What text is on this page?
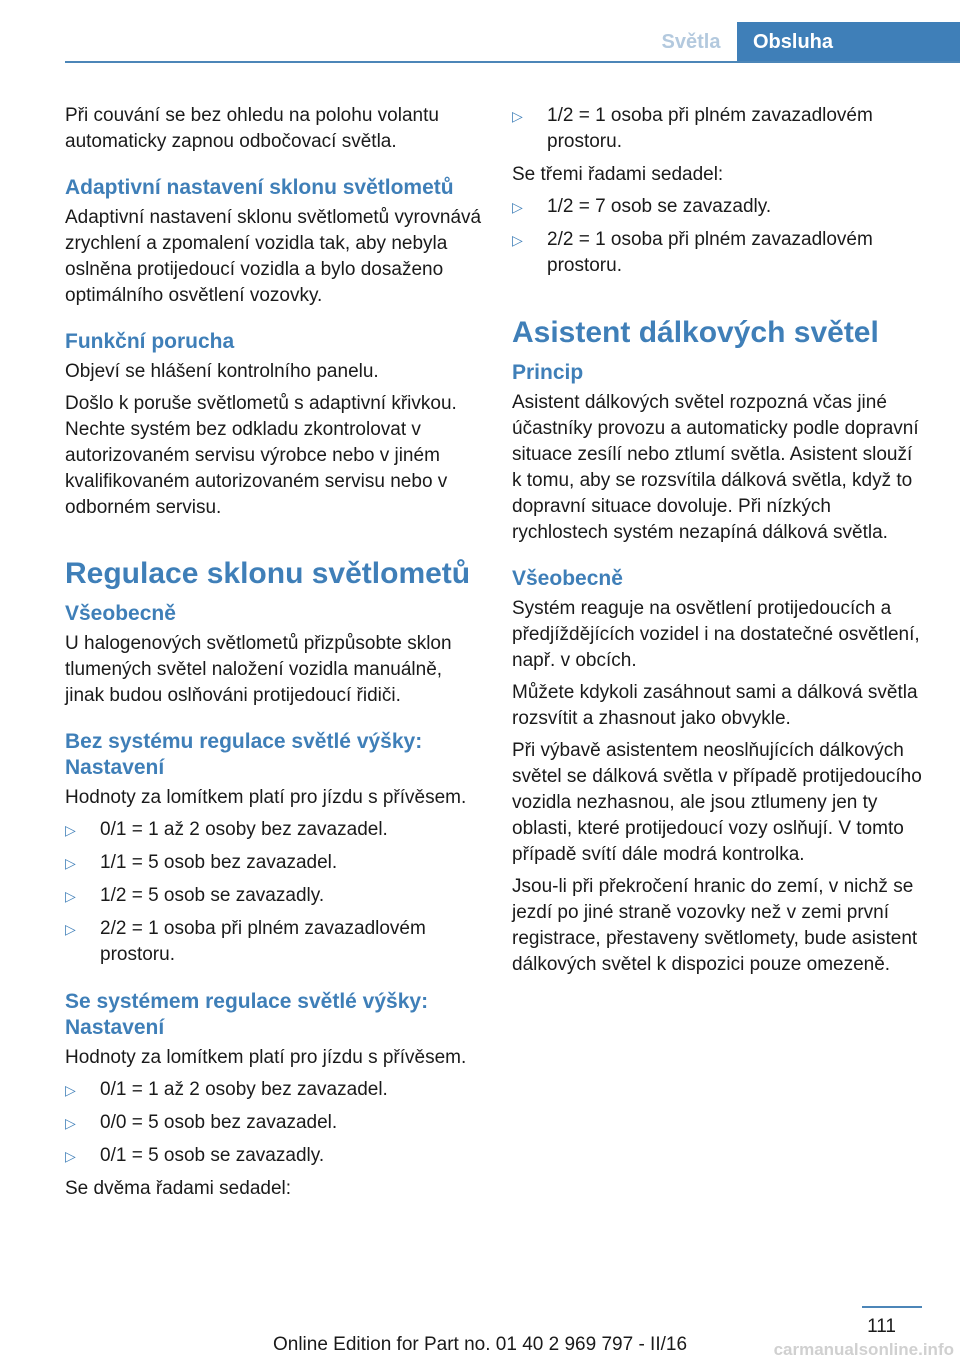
Světla	Obsluha

Při couvání se bez ohledu na polohu volantu automaticky zapnou odbočovací světla.

Adaptivní nastavení sklonu světlometů

Adaptivní nastavení sklonu světlometů vyrovnává zrychlení a zpomalení vozidla tak, aby nebyla oslněna protijedoucí vozidla a bylo dosaženo optimálního osvětlení vozovky.

Funkční porucha

Objeví se hlášení kontrolního panelu.

Došlo k poruše světlometů s adaptivní křivkou. Nechte systém bez odkladu zkontrolovat v autorizovaném servisu výrobce nebo v jiném kvalifikovaném autorizovaném servisu nebo v odborném servisu.

Regulace sklonu světlometů
Všeobecně

U halogenových světlometů přizpůsobte sklon tlumených světel naložení vozidla manuálně, jinak budou oslňováni protijedoucí řidiči.

Bez systému regulace světlé výšky: Nastavení

Hodnoty za lomítkem platí pro jízdu s přívěsem.

▷ 0/1 = 1 až 2 osoby bez zavazadel.
▷ 1/1 = 5 osob bez zavazadel.
▷ 1/2 = 5 osob se zavazadly.
▷ 2/2 = 1 osoba při plném zavazadlovém prostoru.
Se systémem regulace světlé výšky: Nastavení

Hodnoty za lomítkem platí pro jízdu s přívěsem.

▷ 0/1 = 1 až 2 osoby bez zavazadel.
▷ 0/0 = 5 osob bez zavazadel.
▷ 0/1 = 5 osob se zavazadly.

Se dvěma řadami sedadel:

▷ 1/2 = 1 osoba při plném zavazadlovém prostoru.

Se třemi řadami sedadel:

▷ 1/2 = 7 osob se zavazadly.
▷ 2/2 = 1 osoba při plném zavazadlovém prostoru.
Asistent dálkových světel
Princip

Asistent dálkových světel rozpozná včas jiné účastníky provozu a automaticky podle dopravní situace zesílí nebo ztlumí světla. Asistent slouží k tomu, aby se rozsvítila dálková světla, když to dopravní situace dovoluje. Při nízkých rychlostech systém nezapíná dálková světla.

Všeobecně

Systém reaguje na osvětlení protijedoucích a předjíždějících vozidel i na dostatečné osvětlení, např. v obcích.

Můžete kdykoli zasáhnout sami a dálková světla rozsvítit a zhasnout jako obvykle.

Při výbavě asistentem neoslňujících dálkových světel se dálková světla v případě protijedoucího vozidla nezhasnou, ale jsou ztlumeny jen ty oblasti, které protijedoucí vozy oslňují. V tomto případě svítí dále modrá kontrolka.

Jsou-li při překročení hranic do zemí, v nichž se jezdí po jiné straně vozovky než v zemi první registrace, přestaveny světlomety, bude asistent dálkových světel k dispozici pouze omezeně.

111
Online Edition for Part no. 01 40 2 969 797 - II/16	carmanualsonline.info
